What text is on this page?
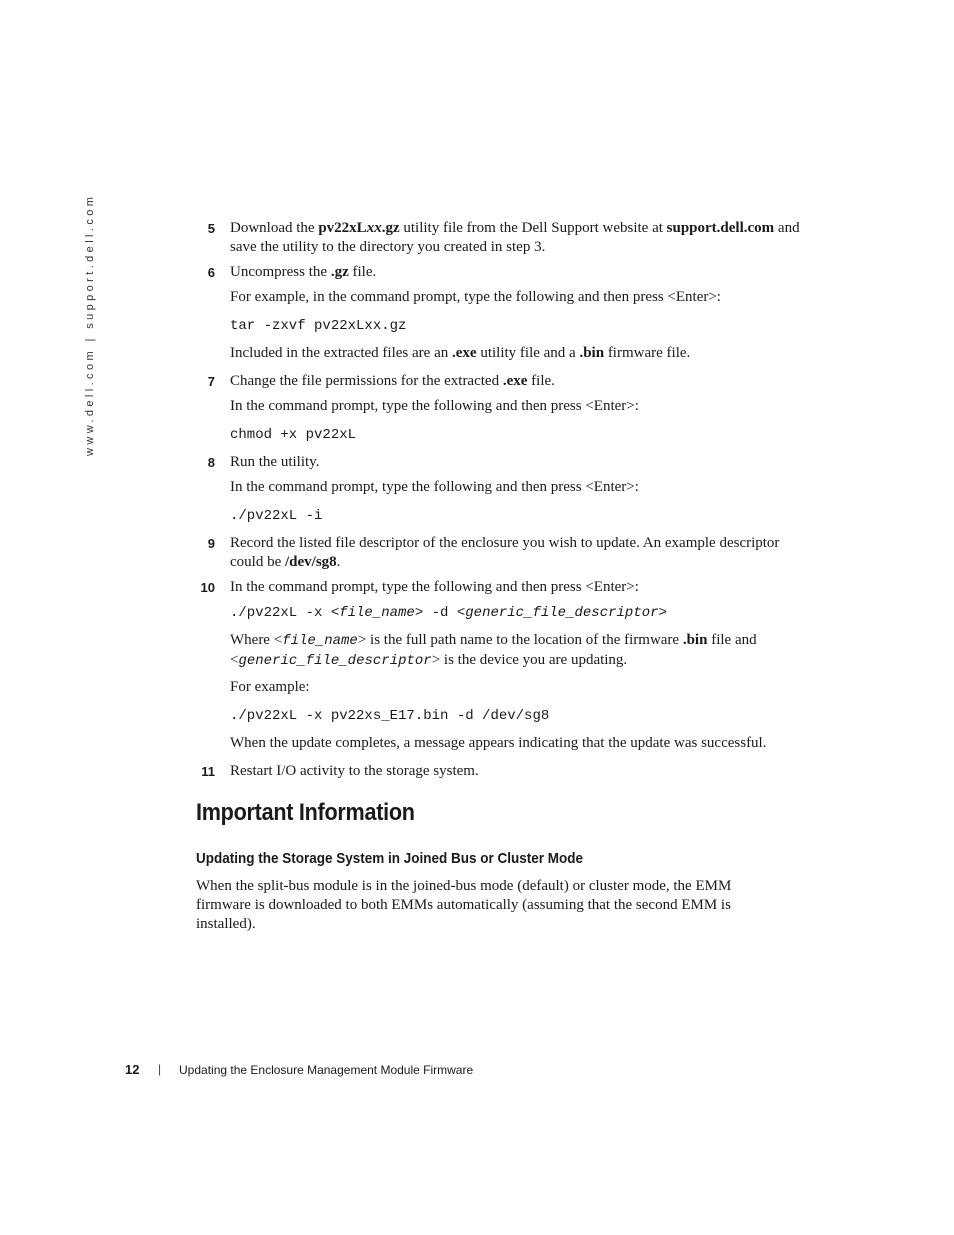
www.dell.com | support.dell.com	5 Download the pv22xLxx.gz utility file from the Dell Support website at support.dell.com and save the utility to the directory you created in step 3.
6 Uncompress the .gz file.
For example, in the command prompt, type the following and then press <Enter>:
tar -zxvf pv22xLxx.gz
Included in the extracted files are an .exe utility file and a .bin firmware file.
7 Change the file permissions for the extracted .exe file.
In the command prompt, type the following and then press <Enter>:
chmod +x pv22xL
8 Run the utility.
In the command prompt, type the following and then press <Enter>:
./pv22xL -i
9 Record the listed file descriptor of the enclosure you wish to update. An example descriptor could be /dev/sg8.
10 In the command prompt, type the following and then press <Enter>:
./pv22xL -x <file_name> -d <generic_file_descriptor>
Where <file_name> is the full path name to the location of the firmware .bin file and <generic_file_descriptor> is the device you are updating.
For example:
./pv22xL -x pv22xs_E17.bin -d /dev/sg8
When the update completes, a message appears indicating that the update was successful.
11 Restart I/O activity to the storage system.
Important Information
Updating the Storage System in Joined Bus or Cluster Mode
When the split-bus module is in the joined-bus mode (default) or cluster mode, the EMM firmware is downloaded to both EMMs automatically (assuming that the second EMM is installed).
12 | Updating the Enclosure Management Module Firmware
